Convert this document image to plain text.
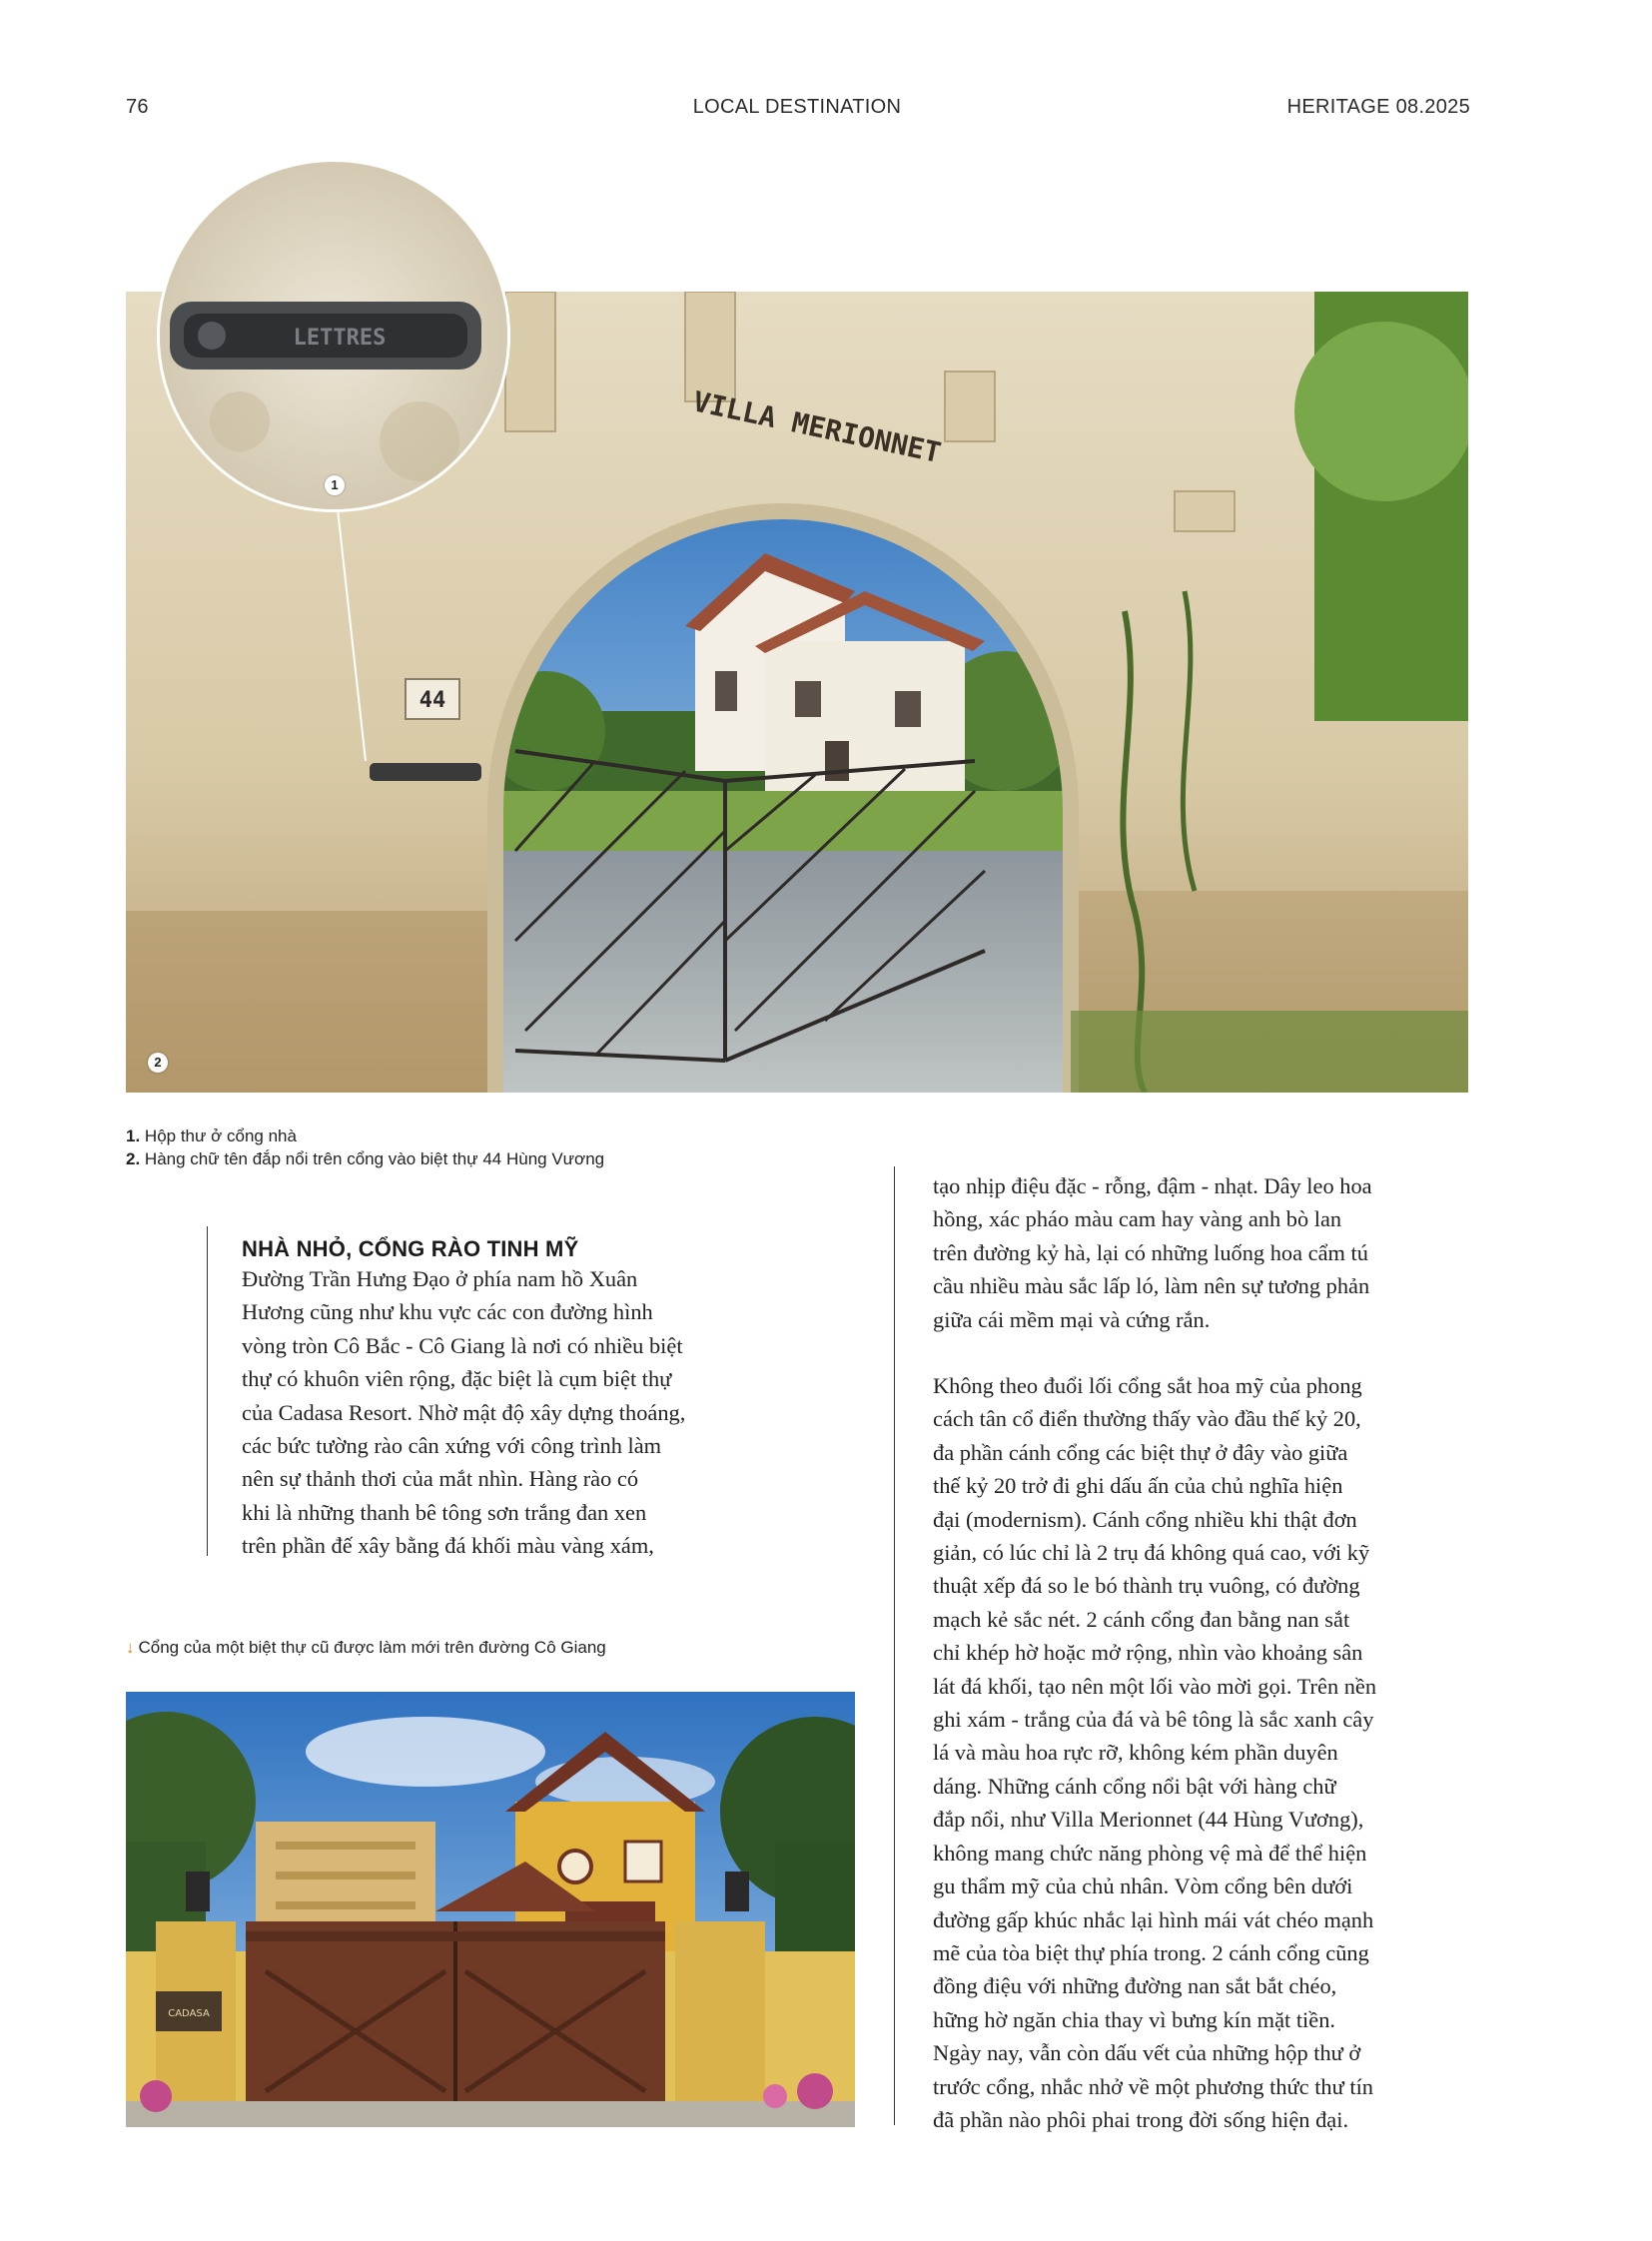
76	LOCAL DESTINATION	HERITAGE 08.2025
VILLA MERIONNET
44
LETTRES
1
2
1. Hộp thư ở cổng nhà
2. Hàng chữ tên đắp nổi trên cổng vào biệt thự 44 Hùng Vương
NHÀ NHỎ, CỔNG RÀO TINH MỸ
Đường Trần Hưng Đạo ở phía nam hồ Xuân
Hương cũng như khu vực các con đường hình
vòng tròn Cô Bắc - Cô Giang là nơi có nhiều biệt
thự có khuôn viên rộng, đặc biệt là cụm biệt thự
của Cadasa Resort. Nhờ mật độ xây dựng thoáng,
các bức tường rào cân xứng với công trình làm
nên sự thảnh thơi của mắt nhìn. Hàng rào có
khi là những thanh bê tông sơn trắng đan xen
trên phần đế xây bằng đá khối màu vàng xám,
↓ Cổng của một biệt thự cũ được làm mới trên đường Cô Giang
CADASA
tạo nhịp điệu đặc - rỗng, đậm - nhạt. Dây leo hoa
hồng, xác pháo màu cam hay vàng anh bò lan
trên đường kỷ hà, lại có những luống hoa cẩm tú
cầu nhiều màu sắc lấp ló, làm nên sự tương phản
giữa cái mềm mại và cứng rắn.
Không theo đuổi lối cổng sắt hoa mỹ của phong
cách tân cổ điển thường thấy vào đầu thế kỷ 20,
đa phần cánh cổng các biệt thự ở đây vào giữa
thế kỷ 20 trở đi ghi dấu ấn của chủ nghĩa hiện
đại (modernism). Cánh cổng nhiều khi thật đơn
giản, có lúc chỉ là 2 trụ đá không quá cao, với kỹ
thuật xếp đá so le bó thành trụ vuông, có đường
mạch kẻ sắc nét. 2 cánh cổng đan bằng nan sắt
chỉ khép hờ hoặc mở rộng, nhìn vào khoảng sân
lát đá khối, tạo nên một lối vào mời gọi. Trên nền
ghi xám - trắng của đá và bê tông là sắc xanh cây
lá và màu hoa rực rỡ, không kém phần duyên
dáng. Những cánh cổng nổi bật với hàng chữ
đắp nổi, như Villa Merionnet (44 Hùng Vương),
không mang chức năng phòng vệ mà để thể hiện
gu thẩm mỹ của chủ nhân. Vòm cổng bên dưới
đường gấp khúc nhắc lại hình mái vát chéo mạnh
mẽ của tòa biệt thự phía trong. 2 cánh cổng cũng
đồng điệu với những đường nan sắt bắt chéo,
hững hờ ngăn chia thay vì bưng kín mặt tiền.
Ngày nay, vẫn còn dấu vết của những hộp thư ở
trước cổng, nhắc nhở về một phương thức thư tín
đã phần nào phôi phai trong đời sống hiện đại.
